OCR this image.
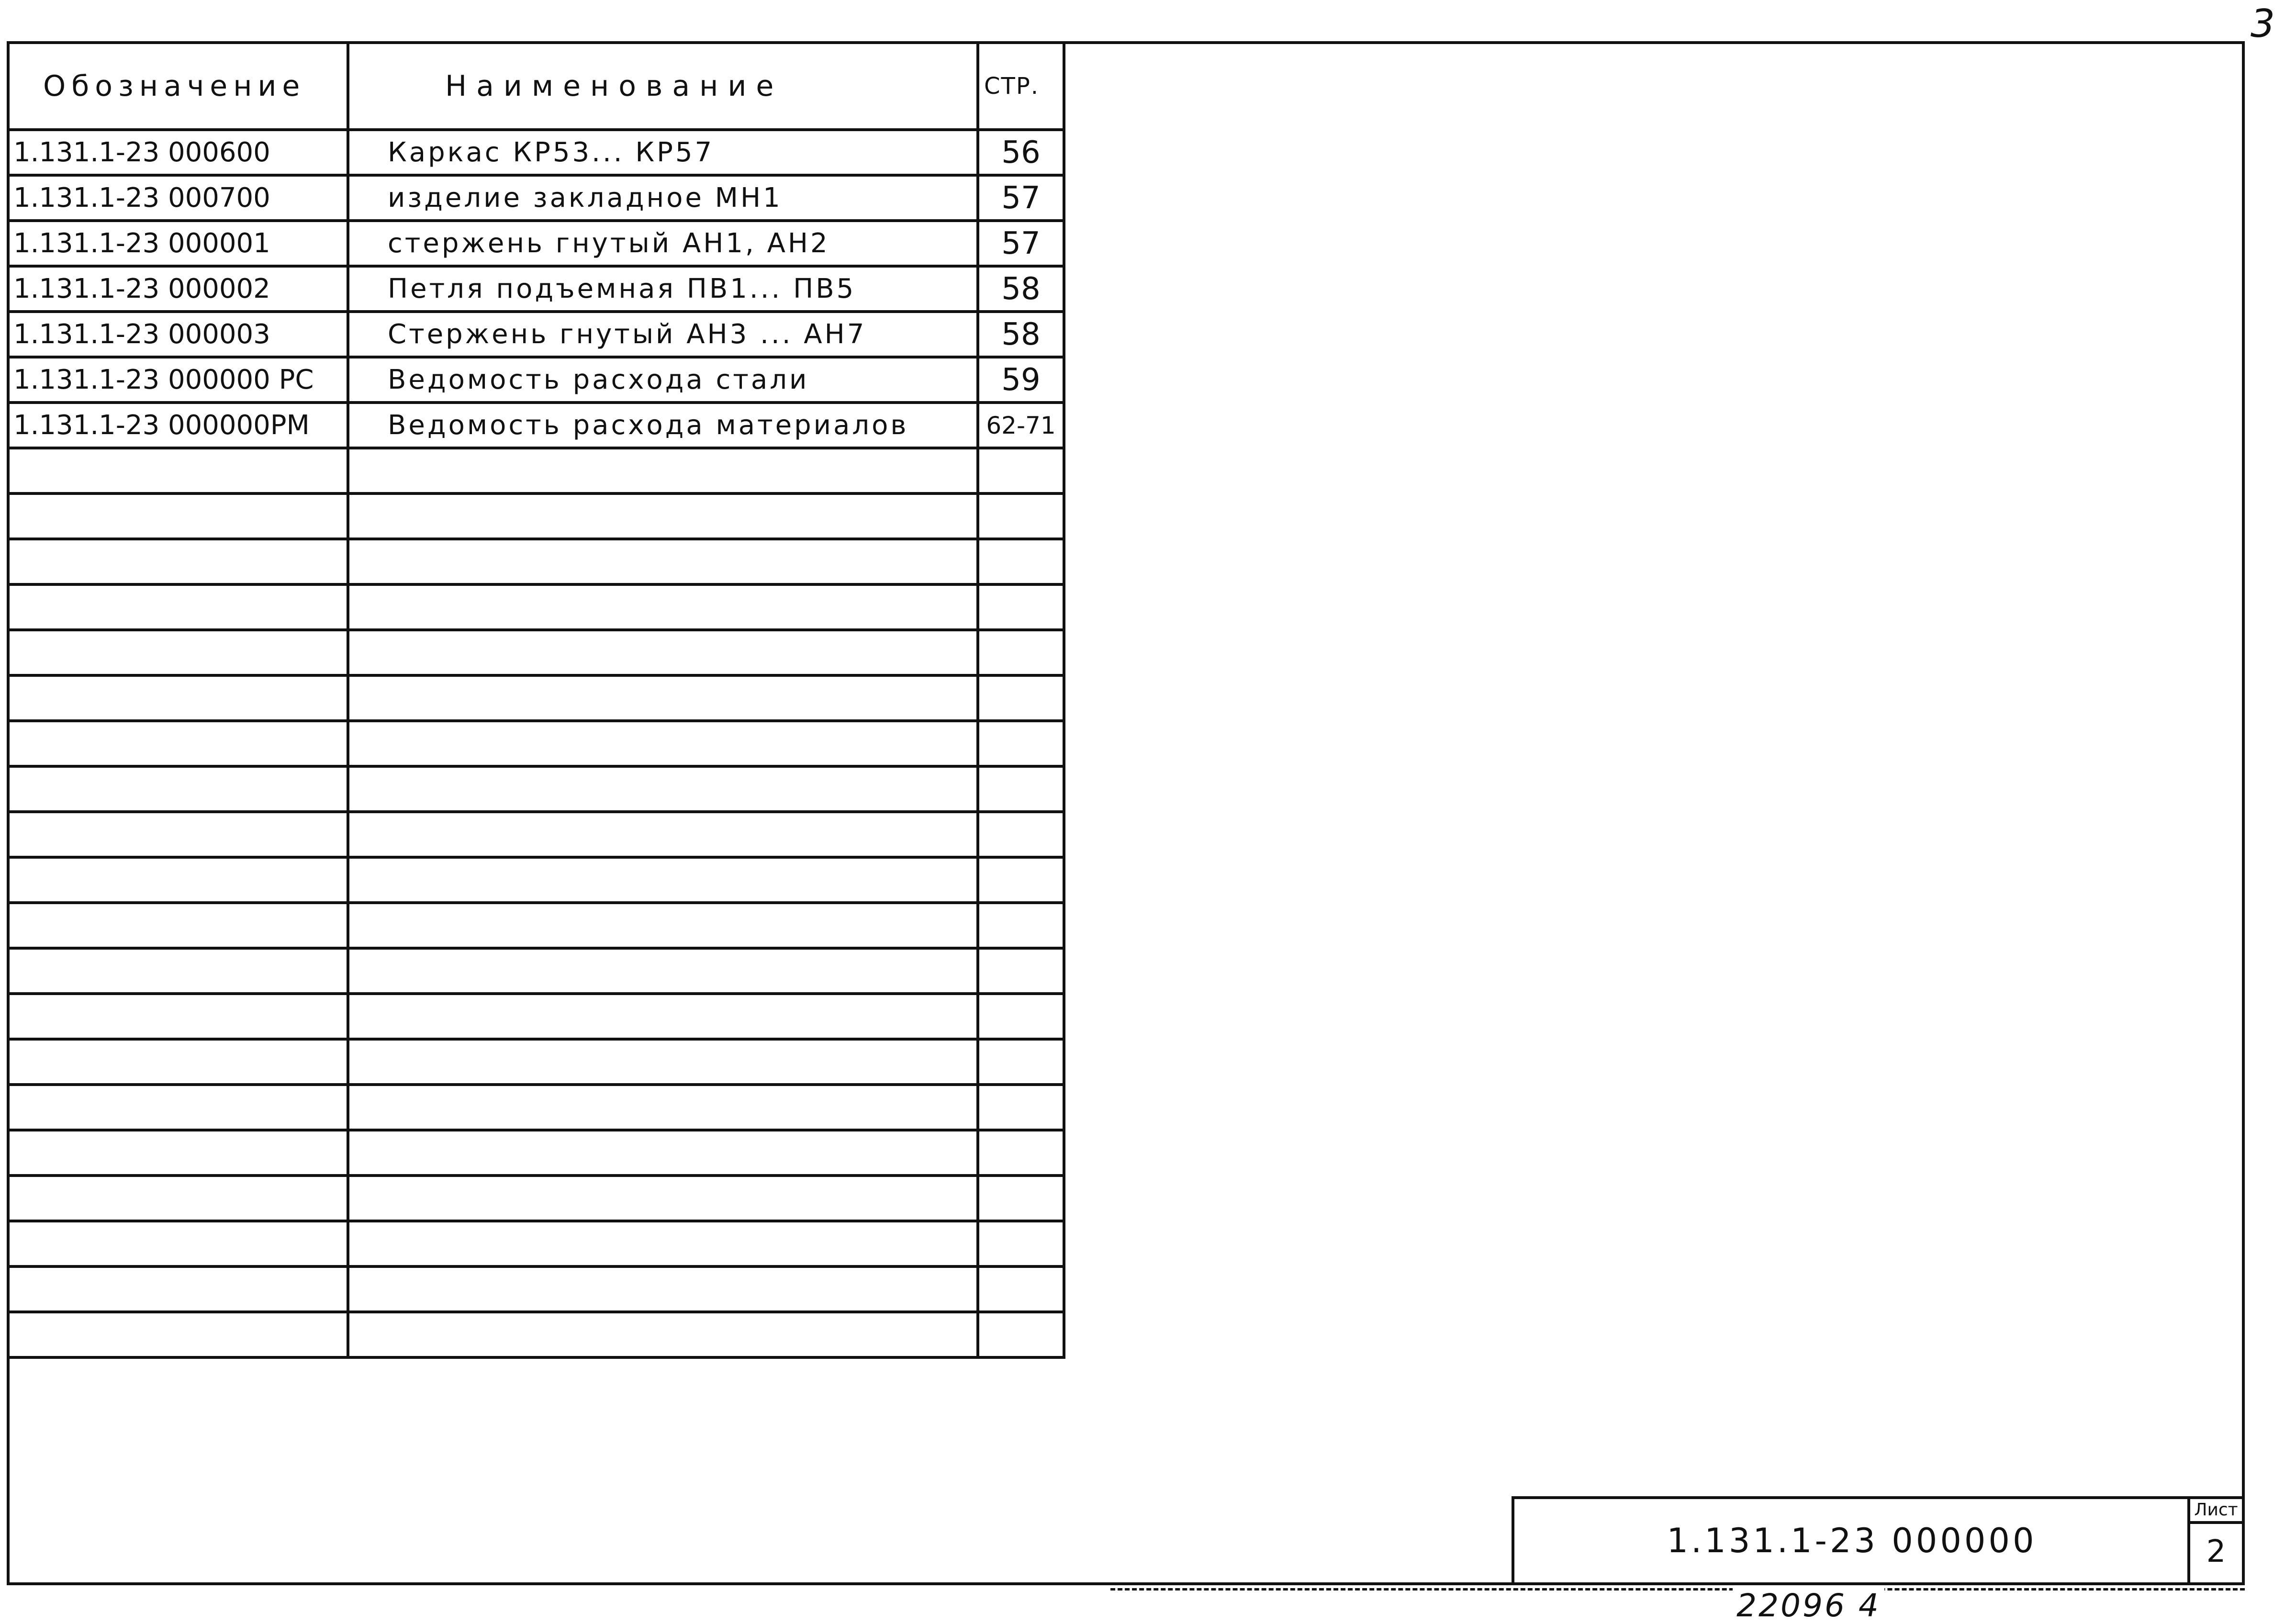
3
Обозначение	Наименование	СТР.
1.131.1-23 000600	Каркас КР53... КР57	56
1.131.1-23 000700	изделие закладное МН1	57
1.131.1-23 000001	стержень гнутый АН1, АН2	57
1.131.1-23 000002	Петля подъемная ПВ1... ПВ5	58
1.131.1-23 000003	Стержень гнутый АН3 ... АН7	58
1.131.1-23 000000 РС	Ведомость расхода стали	59
1.131.1-23 000000РМ	Ведомость расхода материалов	62-71

1.131.1-23 000000
Лист
2
22096 4
